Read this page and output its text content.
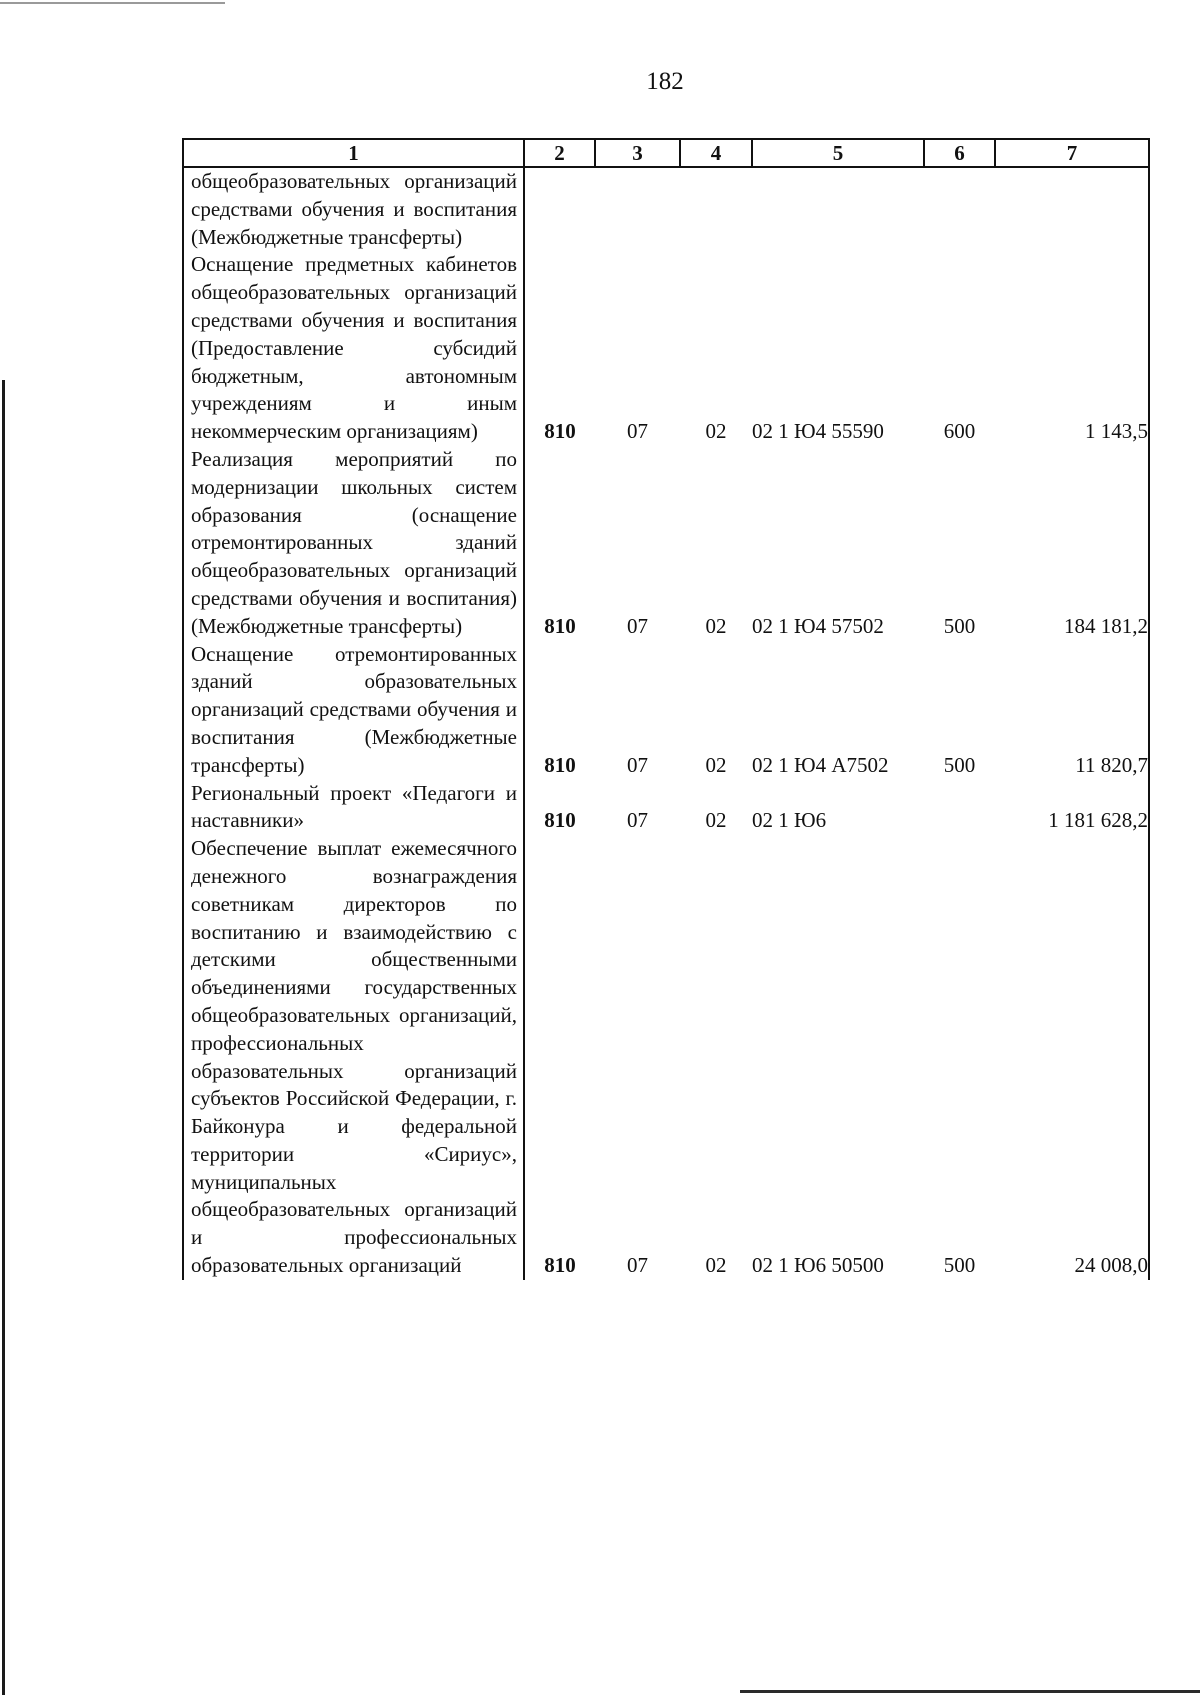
182
1	2	3	4	5	6	7

общеобразовательных организаций средствами обучения и воспитания (Межбюджетные трансферты)						

Оснащение предметных кабинетов общеобразовательных организаций средствами обучения и воспитания (Предоставление субсидий бюджетным, автономным учреждениям и иным некоммерческим организациям)	810	07	02	02 1 Ю4 55590	600	1 143,5

Реализация мероприятий по модернизации школьных систем образования (оснащение отремонтированных зданий общеобразовательных организаций средствами обучения и воспитания) (Межбюджетные трансферты)	810	07	02	02 1 Ю4 57502	500	184 181,2

Оснащение отремонтированных зданий образовательных организаций средствами обучения и воспитания (Межбюджетные трансферты)	810	07	02	02 1 Ю4 А7502	500	11 820,7

Региональный проект «Педагоги и наставники»	810	07	02	02 1 Ю6		1 181 628,2

Обеспечение выплат ежемесячного денежного вознаграждения советникам директоров по воспитанию и взаимодействию с детскими общественными объединениями государственных общеобразовательных организаций, профессиональных образовательных организаций субъектов Российской Федерации, г. Байконура и федеральной территории «Сириус», муниципальных общеобразовательных организаций и профессиональных образовательных организаций	810	07	02	02 1 Ю6 50500	500	24 008,0
